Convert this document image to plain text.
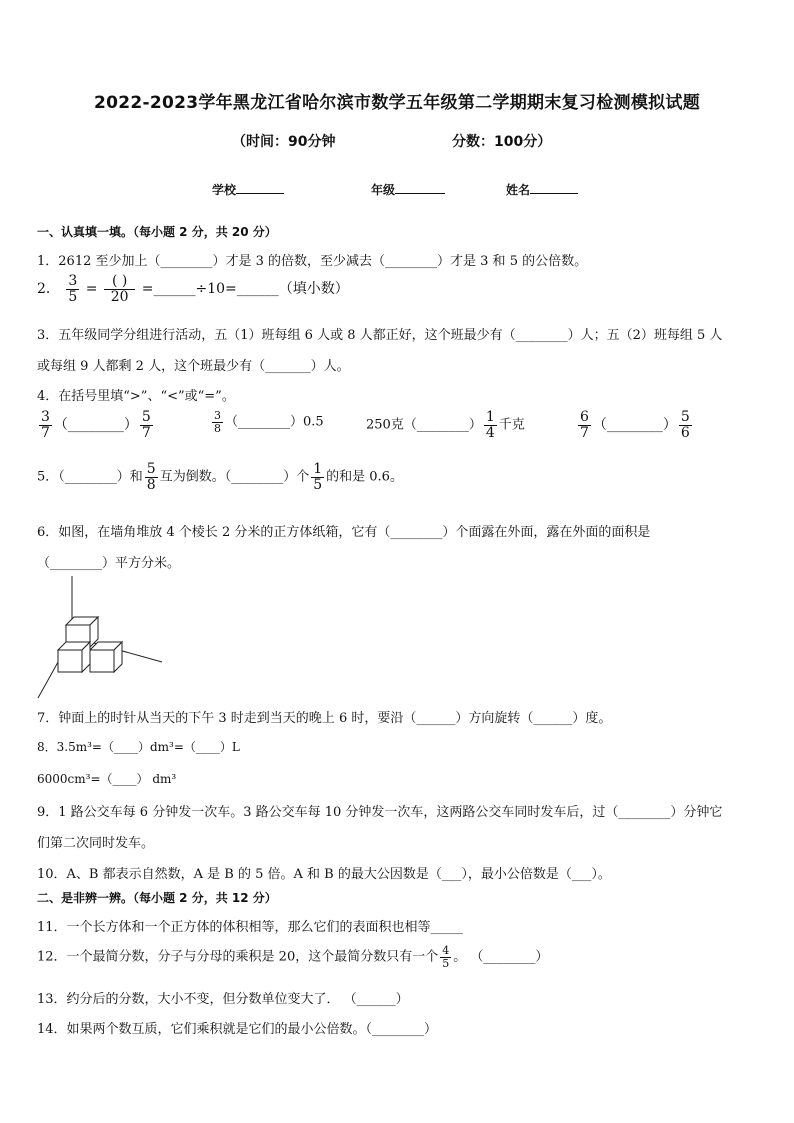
2022-2023学年黑龙江省哈尔滨市数学五年级第二学期期末复习检测模拟试题
（时间：90分钟	分数：100分）
学校	年级	姓名
一、认真填一填。（每小题 2 分，共 20 分）
1．2612 至少加上（________）才是 3 的倍数，至少减去（________）才是 3 和 5 的公倍数。
2． $\frac{3}{5} = \frac{( )}{20}$ =______÷10=______（填小数）
3．五年级同学分组进行活动，五（1）班每组 6 人或 8 人都正好，这个班最少有（________）人；五（2）班每组 5 人
或每组 9 人都剩 2 人，这个班最少有（_______）人。
4．在括号里填“>”、“<”或“=”。
$\frac{3}{7}$ （________） $\frac{5}{7}$	$\frac{3}{8}$ （________）0.5	250克（________） $\frac{1}{4}$ 千克	$\frac{6}{7}$ （________） $\frac{5}{6}$
5．（________）和 $\frac{5}{8}$ 互为倒数。（________）个 $\frac{1}{5}$ 的和是 0.6。
6．如图，在墙角堆放 4 个棱长 2 分米的正方体纸箱，它有（________）个面露在外面，露在外面的面积是
（________）平方分米。
7．钟面上的时针从当天的下午 3 时走到当天的晚上 6 时，要沿（______）方向旋转（______）度。
8．3.5m³=（____）dm³=（____）L
6000cm³=（____） dm³
9．1 路公交车每 6 分钟发一次车。3 路公交车每 10 分钟发一次车，这两路公交车同时发车后，过（________）分钟它
们第二次同时发车。
10．A、B 都表示自然数，A 是 B 的 5 倍。A 和 B 的最大公因数是（___），最小公倍数是（___）。
二、是非辨一辨。（每小题 2 分，共 12 分）
11．一个长方体和一个正方体的体积相等，那么它们的表面积也相等_____
12．一个最简分数，分子与分母的乘积是 20，这个最简分数只有一个 $\frac{4}{5}$ 。 （________）
13．约分后的分数，大小不变，但分数单位变大了． （______）
14．如果两个数互质，它们乘积就是它们的最小公倍数。（________）
